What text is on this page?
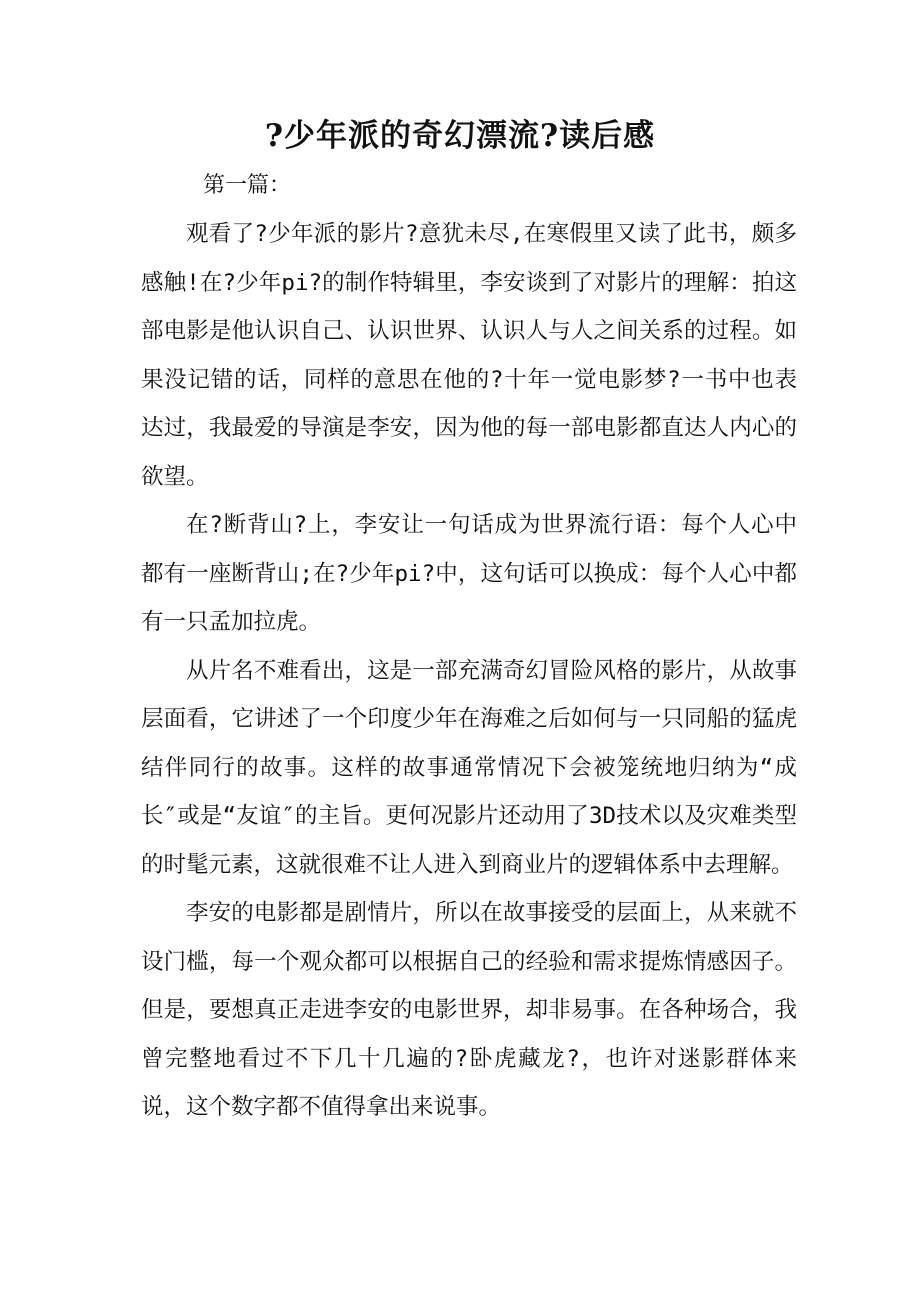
?少年派的奇幻漂流?读后感
第一篇：

观看了?少年派的影片?意犹未尽,在寒假里又读了此书，颇多感触!在?少年pi?的制作特辑里，李安谈到了对影片的理解：拍这部电影是他认识自己、认识世界、认识人与人之间关系的过程。如果没记错的话，同样的意思在他的?十年一觉电影梦?一书中也表达过，我最爱的导演是李安，因为他的每一部电影都直达人内心的欲望。

在?断背山?上，李安让一句话成为世界流行语：每个人心中都有一座断背山;在?少年pi?中，这句话可以换成：每个人心中都有一只孟加拉虎。

从片名不难看出，这是一部充满奇幻冒险风格的影片，从故事层面看，它讲述了一个印度少年在海难之后如何与一只同船的猛虎结伴同行的故事。这样的故事通常情况下会被笼统地归纳为“成长″或是“友谊″的主旨。更何况影片还动用了3D技术以及灾难类型的时髦元素，这就很难不让人进入到商业片的逻辑体系中去理解。

李安的电影都是剧情片，所以在故事接受的层面上，从来就不设门槛，每一个观众都可以根据自己的经验和需求提炼情感因子。但是，要想真正走进李安的电影世界，却非易事。在各种场合，我曾完整地看过不下几十几遍的?卧虎藏龙?，也许对迷影群体来说，这个数字都不值得拿出来说事。
